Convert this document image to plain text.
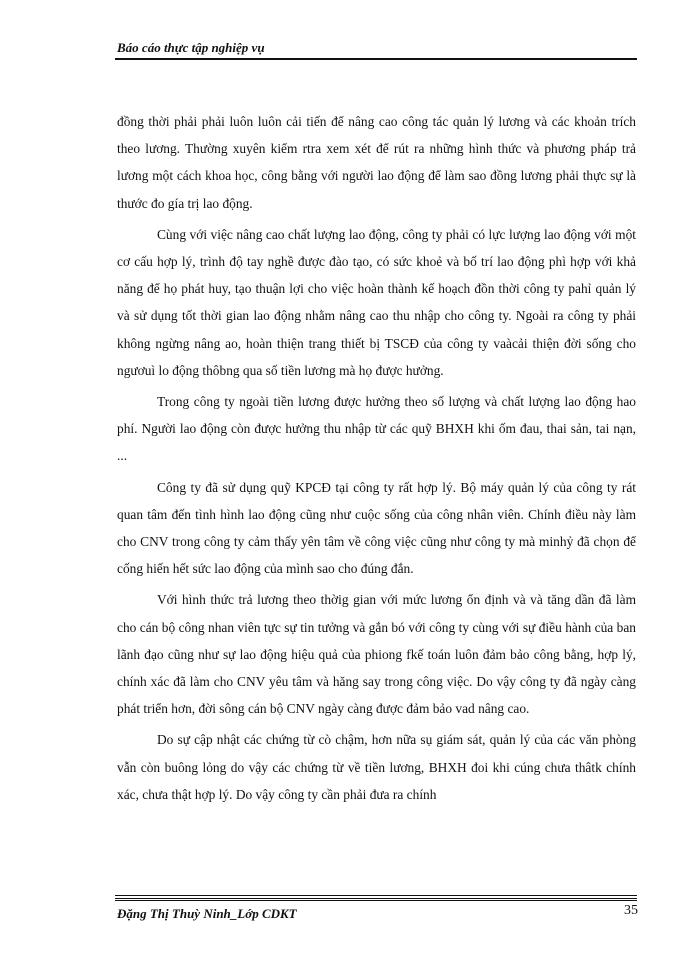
Báo cáo thực tập nghiệp vụ

đồng thời phải phải luôn luôn cải tiến để nâng cao công tác quản lý lương và các khoản trích theo lương. Thường xuyên kiểm rtra xem xét để rút ra những hình thức và phương pháp trả lương một cách khoa học, công bằng với người lao động để làm sao đồng lương phải thực sự là thước đo gía trị lao động.

Cùng với việc nâng cao chất lượng lao động, công ty phải có lực lượng lao động với một cơ cấu hợp lý, trình độ tay nghề được đào tạo, có sức khoẻ và bố trí lao động phì hợp với khả năng để họ phát huy, tạo thuận lợi cho việc hoàn thành kế hoạch đồn thời công ty pahỉ quản lý và sử dụng tốt thời gian lao động nhằm nâng cao thu nhập cho công ty. Ngoài ra công ty phải không ngừng nâng ao, hoàn thiện trang thiết bị TSCĐ của công ty vaàcải thiện đời sống cho ngươuì lo động thôbng qua số tiền lương mà họ được hưởng.

Trong công ty ngoài tiền lương được hưởng theo số lượng và chất lượng lao động hao phí. Người lao động còn được hưởng thu nhập từ các quỹ BHXH khi ốm đau, thai sản, tai nạn, ...

Công ty đã sử dụng quỹ KPCĐ tại công ty rất hợp lý. Bộ máy quản lý của công ty rát quan tâm đến tình hình lao động cũng như cuộc sống của công nhân viên. Chính điều này làm cho CNV trong công ty cảm thấy yên tâm về công việc cũng như công ty mà minhỷ đã chọn để cống hiến hết sức lao động của mình sao cho đúng đắn.

Với hình thức trả lương theo thờig gian với mức lương ổn định và và tăng dần đã làm cho cán bộ công nhan viên tực sự tin tưởng và gắn bó với công ty cùng với sự điều hành của ban lãnh đạo cũng như sự lao động hiệu quả của phiong fkế toán luôn đảm bảo công bằng, hợp lý, chính xác đã làm cho CNV yêu tâm và hăng say trong công việc. Do vậy công ty đã ngày càng phát triển hơn, đời sông cán bộ CNV ngày càng được đảm bảo vad nâng cao.

Do sự cập nhật các chứng từ cò chậm, hơn nữa sụ giám sát, quản lý của các văn phòng vẫn còn buông lỏng do vậy các chứng từ về tiền lương, BHXH đoi khi cúng chưa thâtk chính xác, chưa thật hợp lý. Do vậy công ty cần phải đưa ra chính

Đặng Thị Thuỳ Ninh_Lớp CDKT	35
